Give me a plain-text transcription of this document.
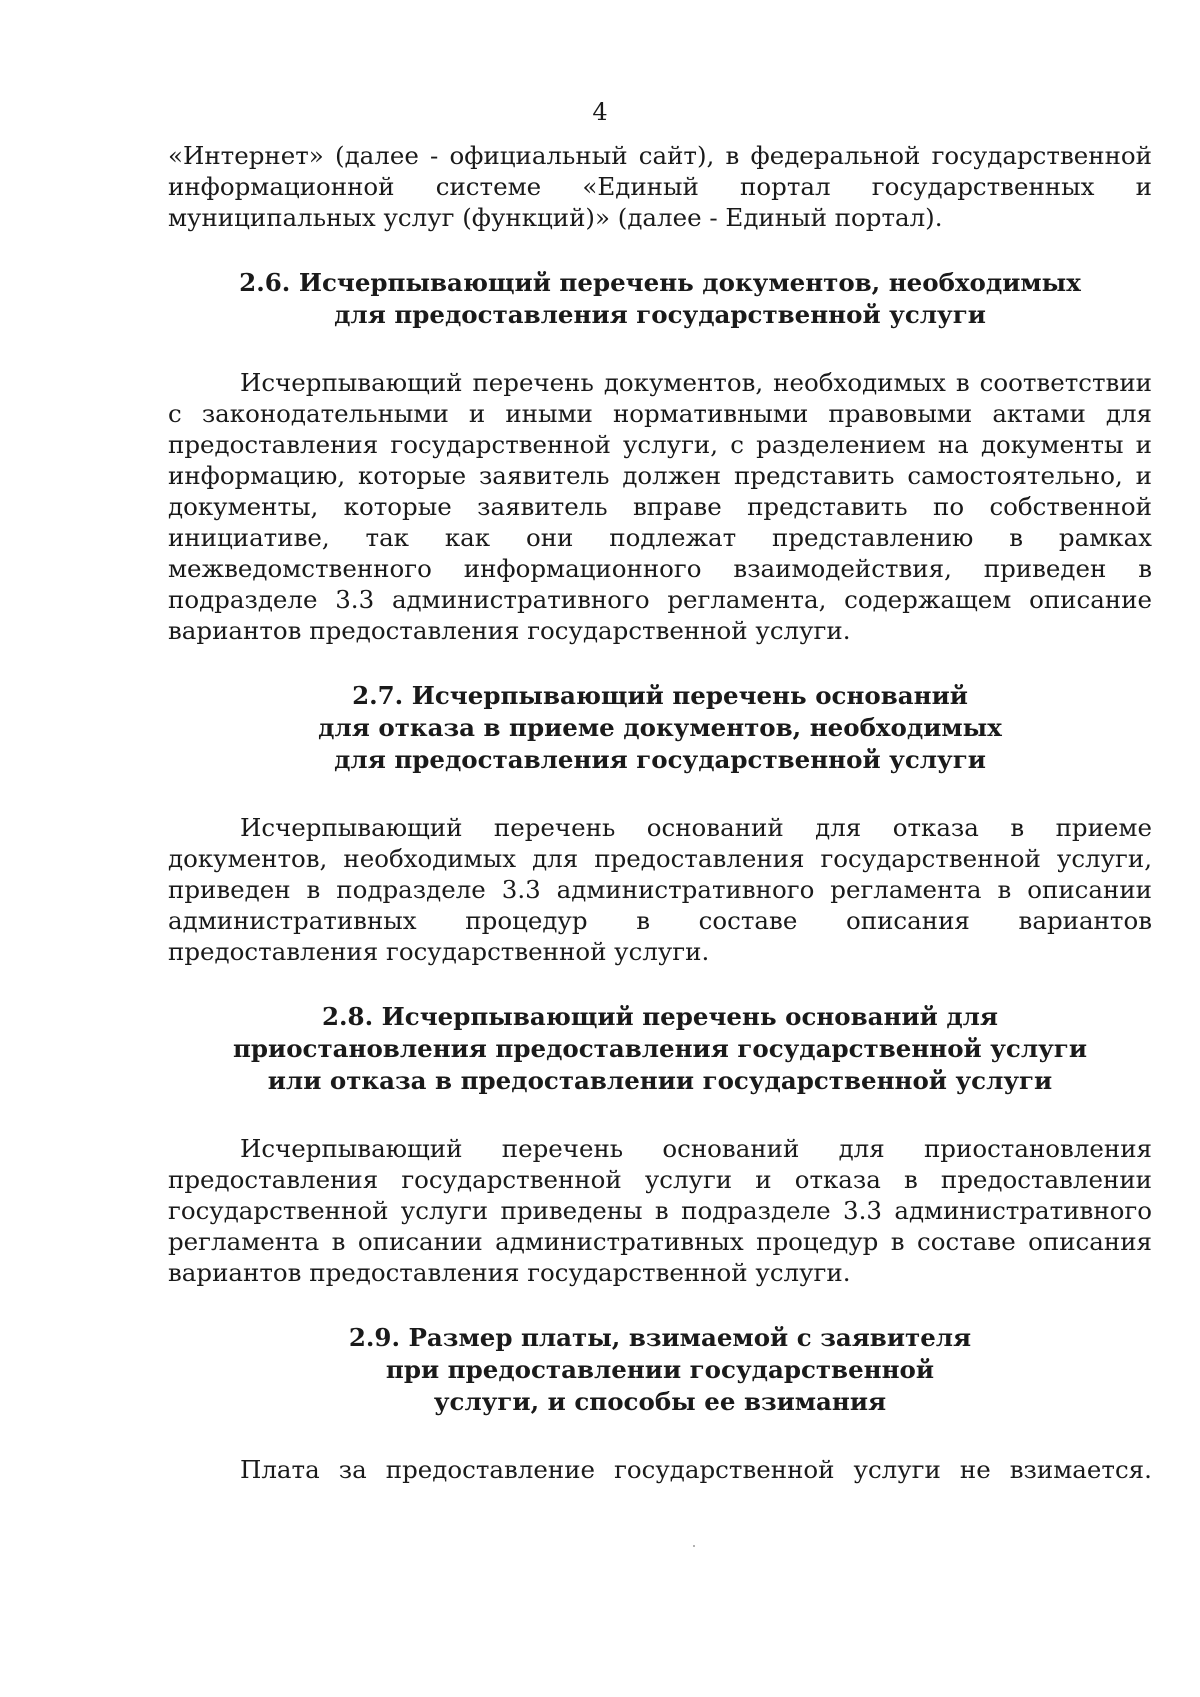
4

«Интернет» (далее - официальный сайт), в федеральной государственной информационной системе «Единый портал государственных и муниципальных услуг (функций)» (далее - Единый портал).

2.6. Исчерпывающий перечень документов, необходимых
для предоставления государственной услуги

Исчерпывающий перечень документов, необходимых в соответствии с законодательными и иными нормативными правовыми актами для предоставления государственной услуги, с разделением на документы и информацию, которые заявитель должен представить самостоятельно, и документы, которые заявитель вправе представить по собственной инициативе, так как они подлежат представлению в рамках межведомственного информационного взаимодействия, приведен в подразделе 3.3 административного регламента, содержащем описание вариантов предоставления государственной услуги.

2.7. Исчерпывающий перечень оснований
для отказа в приеме документов, необходимых
для предоставления государственной услуги

Исчерпывающий перечень оснований для отказа в приеме документов, необходимых для предоставления государственной услуги, приведен в подразделе 3.3 административного регламента в описании административных процедур в составе описания вариантов предоставления государственной услуги.

2.8. Исчерпывающий перечень оснований для
приостановления предоставления государственной услуги
или отказа в предоставлении государственной услуги

Исчерпывающий перечень оснований для приостановления предоставления государственной услуги и отказа в предоставлении государственной услуги приведены в подразделе 3.3 административного регламента в описании административных процедур в составе описания вариантов предоставления государственной услуги.

2.9. Размер платы, взимаемой с заявителя
при предоставлении государственной
услуги, и способы ее взимания
Плата за предоставление государственной услуги не взимается.
